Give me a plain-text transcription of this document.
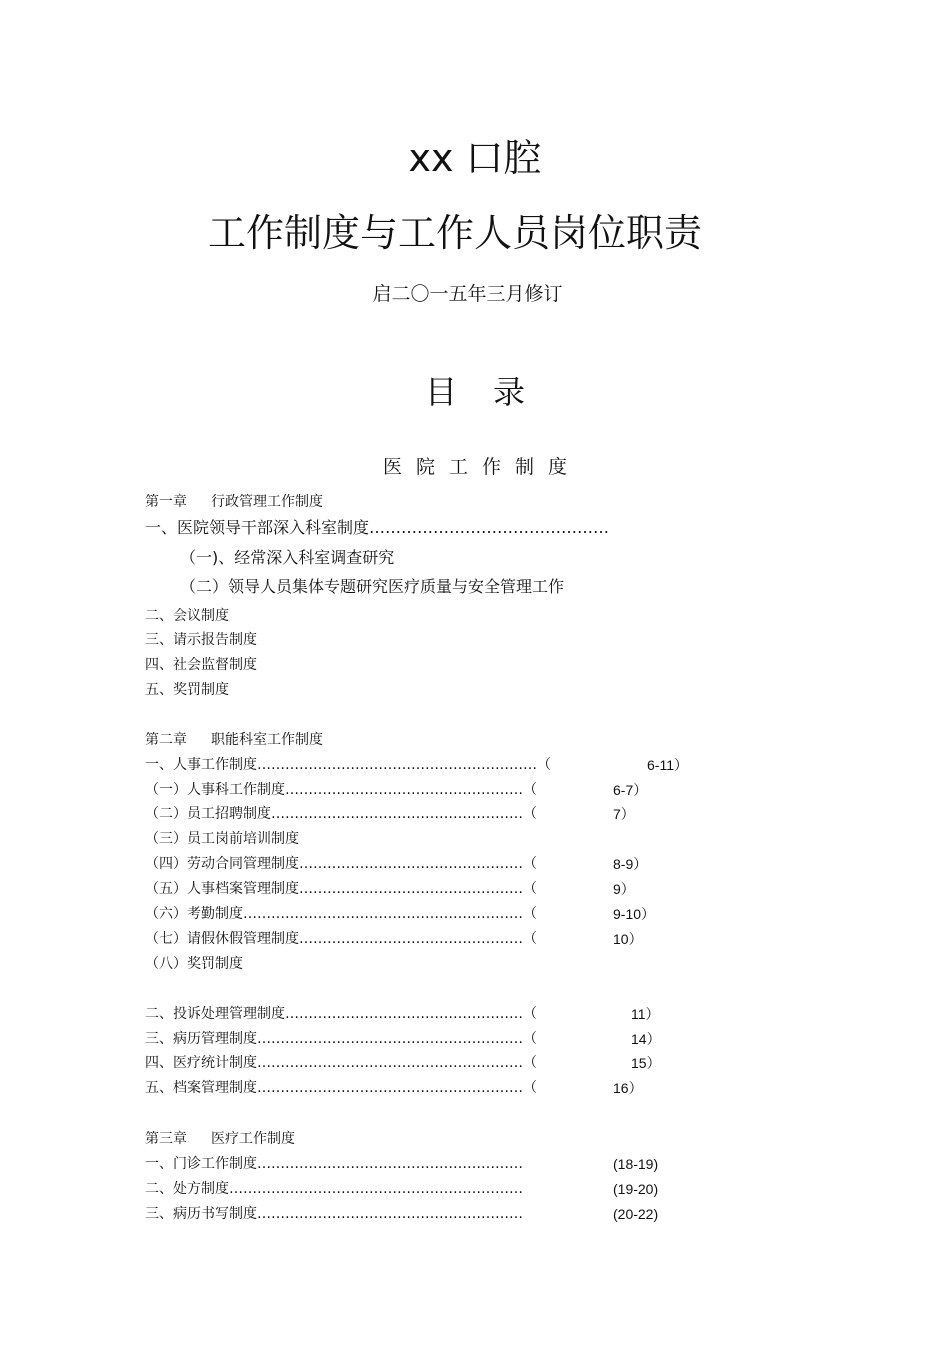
xx 口腔
工作制度与工作人员岗位职责
启二〇一五年三月修订
目录
医院工作制度
第一章 行政管理工作制度
一、医院领导干部深入科室制度………………………………………
（一)、经常深入科室调查研究
（二）领导人员集体专题研究医疗质量与安全管理工作
二、会议制度
三、请示报告制度
四、社会监督制度
五、奖罚制度
第二章 职能科室工作制度
一、人事工作制度……………………………………………………（	6-11）
（一）人事科工作制度……………………………………………（	6-7）
（二）员工招聘制度………………………………………………（	7）
（三）员工岗前培训制度
（四）劳动合同管理制度…………………………………………（	8-9）
（五）人事档案管理制度…………………………………………（	9）
（六）考勤制度……………………………………………………（	9-10）
（七）请假休假管理制度…………………………………………（	10）
（八）奖罚制度
二、投诉处理管理制度……………………………………………（	11）
三、病历管理制度…………………………………………………（	14）
四、医疗统计制度…………………………………………………（	15）
五、档案管理制度…………………………………………………（	16）
第三章 医疗工作制度
一、门诊工作制度…………………………………………………	(18-19)
二、处方制度………………………………………………………	(19-20)
三、病历书写制度…………………………………………………	(20-22)
